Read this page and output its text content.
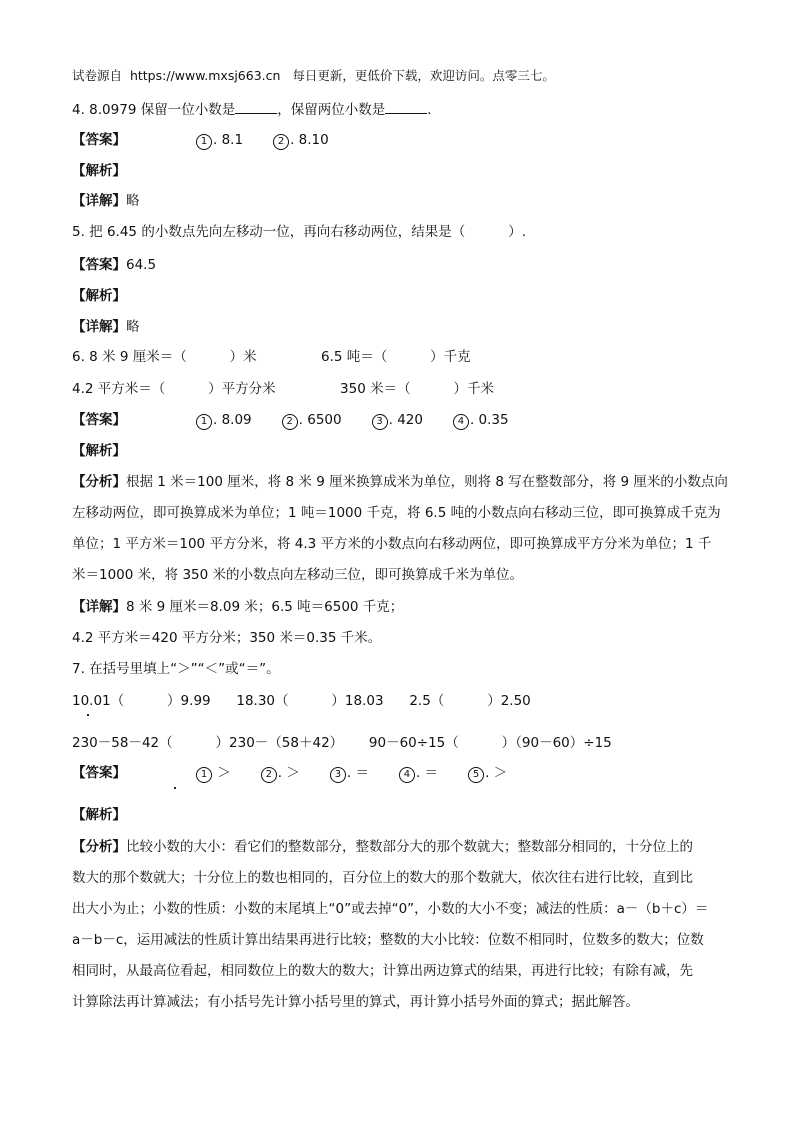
试卷源自  https://www.mxsj663.cn   每日更新，更低价下载，欢迎访问。点零三七。
4. 8.0979 保留一位小数是	，保留两位小数是	.
【答案】	1 . 8.1	2 . 8.10
【解析】
【详解】略
5. 把 6.45 的小数点先向左移动一位，再向右移动两位，结果是（          ）.
【答案】64.5
【解析】
【详解】略
6. 8 米 9 厘米＝（          ）米               6.5 吨＝（          ）千克
4.2 平方米＝（          ）平方分米               350 米＝（          ）千米
【答案】	1 . 8.09	2 . 6500	3 . 420	4 . 0.35
【解析】
【分析】根据 1 米＝100 厘米，将 8 米 9 厘米换算成米为单位，则将 8 写在整数部分，将 9 厘米的小数点向
左移动两位，即可换算成米为单位；1 吨＝1000 千克，将 6.5 吨的小数点向右移动三位，即可换算成千克为
单位；1 平方米＝100 平方分米，将 4.3 平方米的小数点向右移动两位，即可换算成平方分米为单位；1 千
米＝1000 米，将 350 米的小数点向左移动三位，即可换算成千米为单位。
【详解】8 米 9 厘米＝8.09 米；6.5 吨＝6500 千克；
4.2 平方米＝420 平方分米；350 米＝0.35 千米。
7. 在括号里填上“＞”“＜”或“＝”。
10.01（          ）9.99      18.30（          ）18.03      2.5（          ）2.50
230－58－42（          ）230－（58＋42）      90－60÷15（          ）（90－60）÷15
【答案】	1 ＞	2 . ＞	3 . ＝	4 . ＝	5 . ＞
【解析】
【分析】比较小数的大小：看它们的整数部分，整数部分大的那个数就大；整数部分相同的，十分位上的
数大的那个数就大；十分位上的数也相同的，百分位上的数大的那个数就大，依次往右进行比较，直到比
出大小为止；小数的性质：小数的末尾填上“0”或去掉“0”，小数的大小不变；减法的性质：a－（b＋c）＝
a－b－c，运用减法的性质计算出结果再进行比较；整数的大小比较：位数不相同时，位数多的数大；位数
相同时，从最高位看起，相同数位上的数大的数大；计算出两边算式的结果，再进行比较；有除有减，先
计算除法再计算减法；有小括号先计算小括号里的算式，再计算小括号外面的算式；据此解答。
